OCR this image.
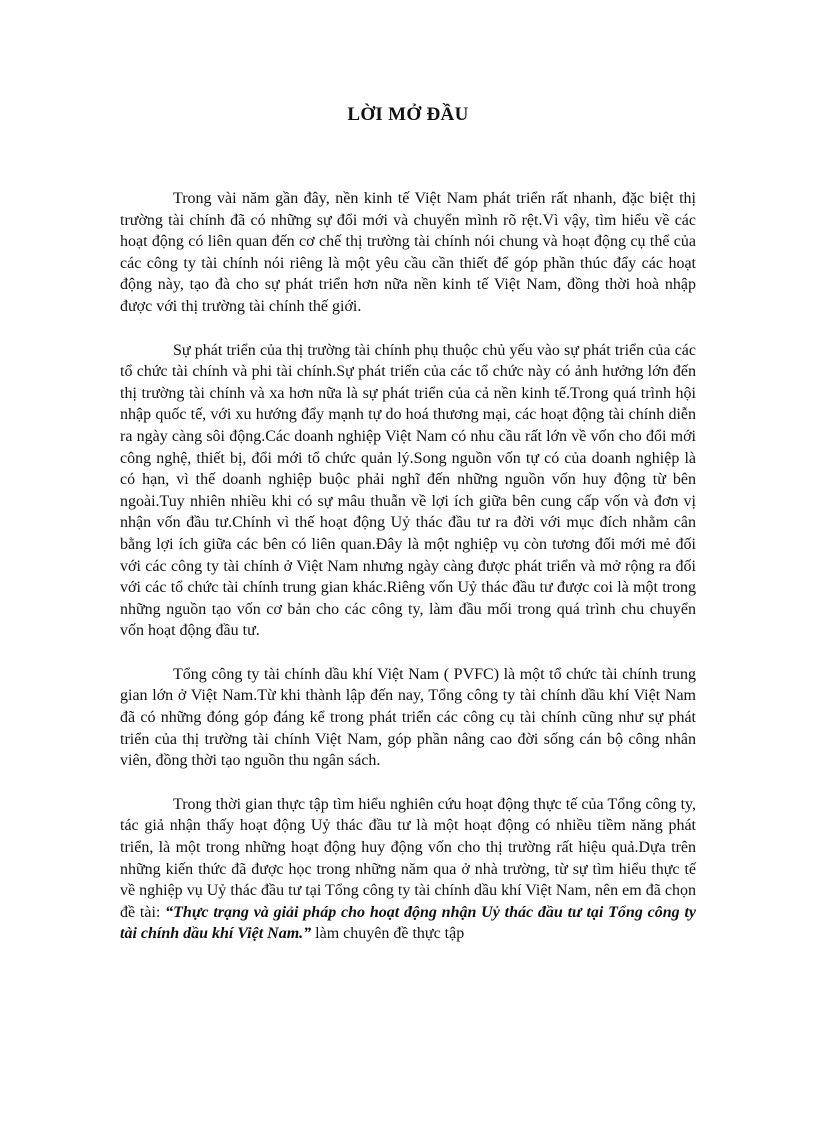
LỜI MỞ ĐẦU

Trong vài năm gần đây, nền kinh tế Việt Nam phát triển rất nhanh, đặc biệt thị trường tài chính đã có những sự đổi mới và chuyển mình rõ rệt.Vì vậy, tìm hiểu về các hoạt động có liên quan đến cơ chế thị trường tài chính nói chung và hoạt động cụ thể của các công ty tài chính nói riêng là một yêu cầu cần thiết để góp phần thúc đẩy các hoạt động này, tạo đà cho sự phát triển hơn nữa nền kinh tế Việt Nam, đồng thời hoà nhập được với thị trường tài chính thế giới.

Sự phát triển của thị trường tài chính phụ thuộc chủ yếu vào sự phát triển của các tổ chức tài chính và phi tài chính.Sự phát triển của các tổ chức này có ảnh hưởng lớn đến thị trường tài chính và xa hơn nữa là sự phát triển của cả nền kinh tế.Trong quá trình hội nhập quốc tế, với xu hướng đẩy mạnh tự do hoá thương mại, các hoạt động tài chính diễn ra ngày càng sôi động.Các doanh nghiệp Việt Nam có nhu cầu rất lớn về vốn cho đổi mới công nghệ, thiết bị, đổi mới tổ chức quản lý.Song nguồn vốn tự có của doanh nghiệp là có hạn, vì thế doanh nghiệp buộc phải nghĩ đến những nguồn vốn huy động từ bên ngoài.Tuy nhiên nhiều khi có sự mâu thuẫn về lợi ích giữa bên cung cấp vốn và đơn vị nhận vốn đầu tư.Chính vì thế hoạt động Uỷ thác đầu tư ra đời với mục đích nhằm cân bằng lợi ích giữa các bên có liên quan.Đây là một nghiệp vụ còn tương đối mới mẻ đối với các công ty tài chính ở Việt Nam nhưng ngày càng được phát triển và mở rộng ra đối với các tổ chức tài chính trung gian khác.Riêng vốn Uỷ thác đầu tư được coi là một trong những nguồn tạo vốn cơ bản cho các công ty, làm đầu mối trong quá trình chu chuyển vốn hoạt động đầu tư.

Tổng công ty tài chính dầu khí Việt Nam ( PVFC) là một tổ chức tài chính trung gian lớn ở Việt Nam.Từ khi thành lập đến nay, Tổng công ty tài chính dầu khí Việt Nam đã có những đóng góp đáng kể trong phát triển các công cụ tài chính cũng như sự phát triển của thị trường tài chính Việt Nam, góp phần nâng cao đời sống cán bộ công nhân viên, đồng thời tạo nguồn thu ngân sách.

Trong thời gian thực tập tìm hiểu nghiên cứu hoạt động thực tế của Tổng công ty, tác giả nhận thấy hoạt động Uỷ thác đầu tư là một hoạt động có nhiều tiềm năng phát triển, là một trong những hoạt động huy động vốn cho thị trường rất hiệu quả.Dựa trên những kiến thức đã được học trong những năm qua ở nhà trường, từ sự tìm hiểu thực tế về nghiệp vụ Uỷ thác đầu tư tại Tổng công ty tài chính dầu khí Việt Nam, nên em đã chọn đề tài: “Thực trạng và giải pháp cho hoạt động nhận Uỷ thác đầu tư tại Tổng công ty tài chính dầu khí Việt Nam.” làm chuyên đề thực tập
